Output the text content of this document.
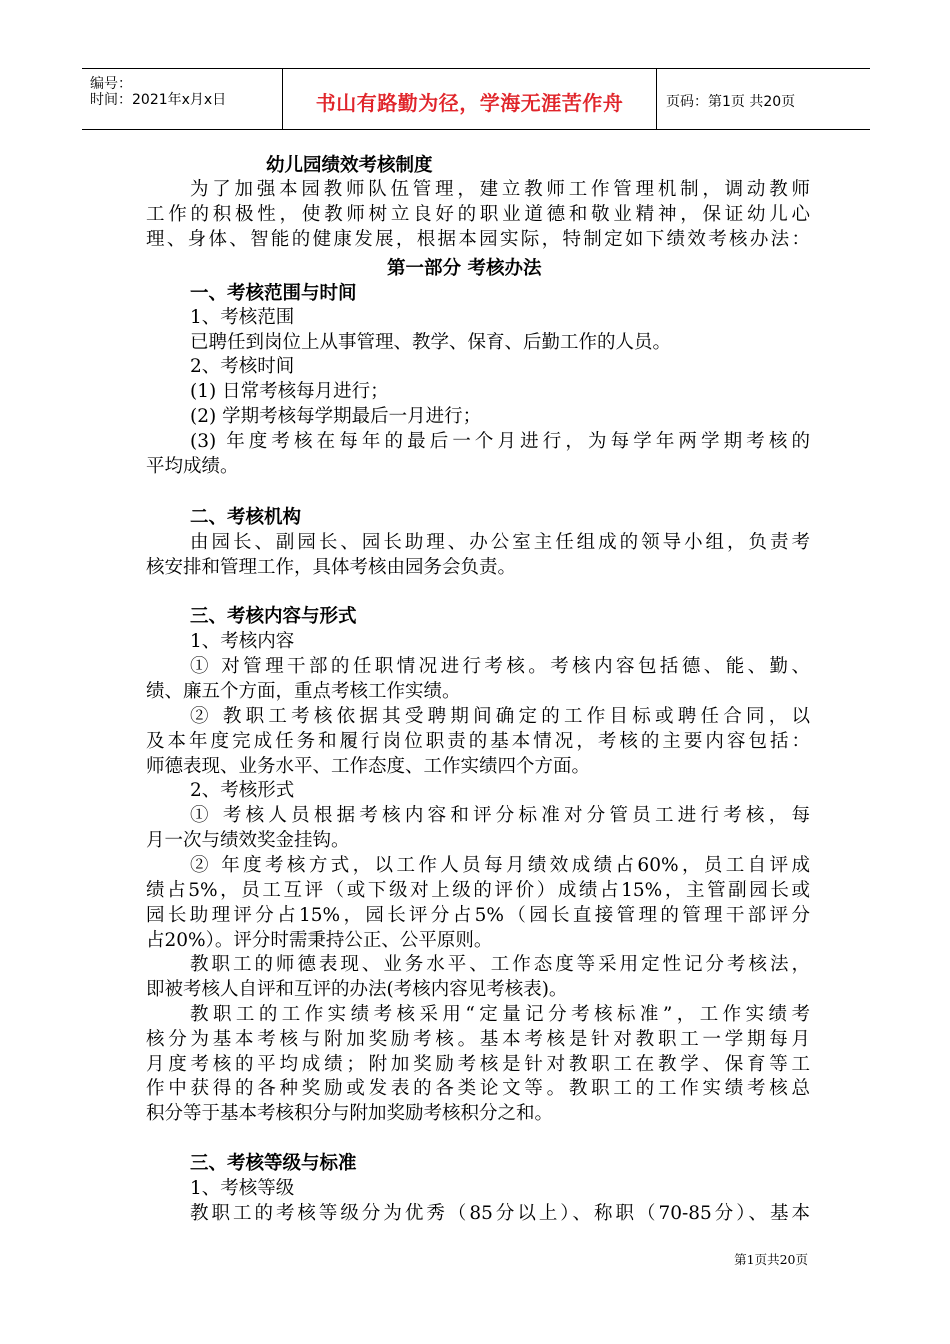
编号：
时间：2021年x月x日	书山有路勤为径，学海无涯苦作舟	页码：第1页 共20页
幼儿园绩效考核制度
为了加强本园教师队伍管理，建立教师工作管理机制，调动教师
工作的积极性，使教师树立良好的职业道德和敬业精神，保证幼儿心
理、身体、智能的健康发展，根据本园实际，特制定如下绩效考核办法：
第一部分 考核办法
一、考核范围与时间
1、考核范围
已聘任到岗位上从事管理、教学、保育、后勤工作的人员。
2、考核时间
(1) 日常考核每月进行；
(2) 学期考核每学期最后一月进行；
(3) 年度考核在每年的最后一个月进行，为每学年两学期考核的
平均成绩。
二、考核机构
由园长、副园长、园长助理、办公室主任组成的领导小组，负责考
核安排和管理工作，具体考核由园务会负责。
三、考核内容与形式
1、考核内容
① 对管理干部的任职情况进行考核。考核内容包括德、能、勤、
绩、廉五个方面，重点考核工作实绩。
② 教职工考核依据其受聘期间确定的工作目标或聘任合同，以
及本年度完成任务和履行岗位职责的基本情况，考核的主要内容包括：
师德表现、业务水平、工作态度、工作实绩四个方面。
2、考核形式
① 考核人员根据考核内容和评分标准对分管员工进行考核，每
月一次与绩效奖金挂钩。
② 年度考核方式，以工作人员每月绩效成绩占60%，员工自评成
绩占5%，员工互评（或下级对上级的评价）成绩占15%，主管副园长或
园长助理评分占15%，园长评分占5%（园长直接管理的管理干部评分
占20%）。评分时需秉持公正、公平原则。
教职工的师德表现、业务水平、工作态度等采用定性记分考核法，
即被考核人自评和互评的办法(考核内容见考核表)。
教职工的工作实绩考核采用“定量记分考核标准”，工作实绩考
核分为基本考核与附加奖励考核。基本考核是针对教职工一学期每月
月度考核的平均成绩；附加奖励考核是针对教职工在教学、保育等工
作中获得的各种奖励或发表的各类论文等。教职工的工作实绩考核总
积分等于基本考核积分与附加奖励考核积分之和。
三、考核等级与标准
1、考核等级
教职工的考核等级分为优秀（85分以上）、称职（70-85分）、基本
第1页共20页
